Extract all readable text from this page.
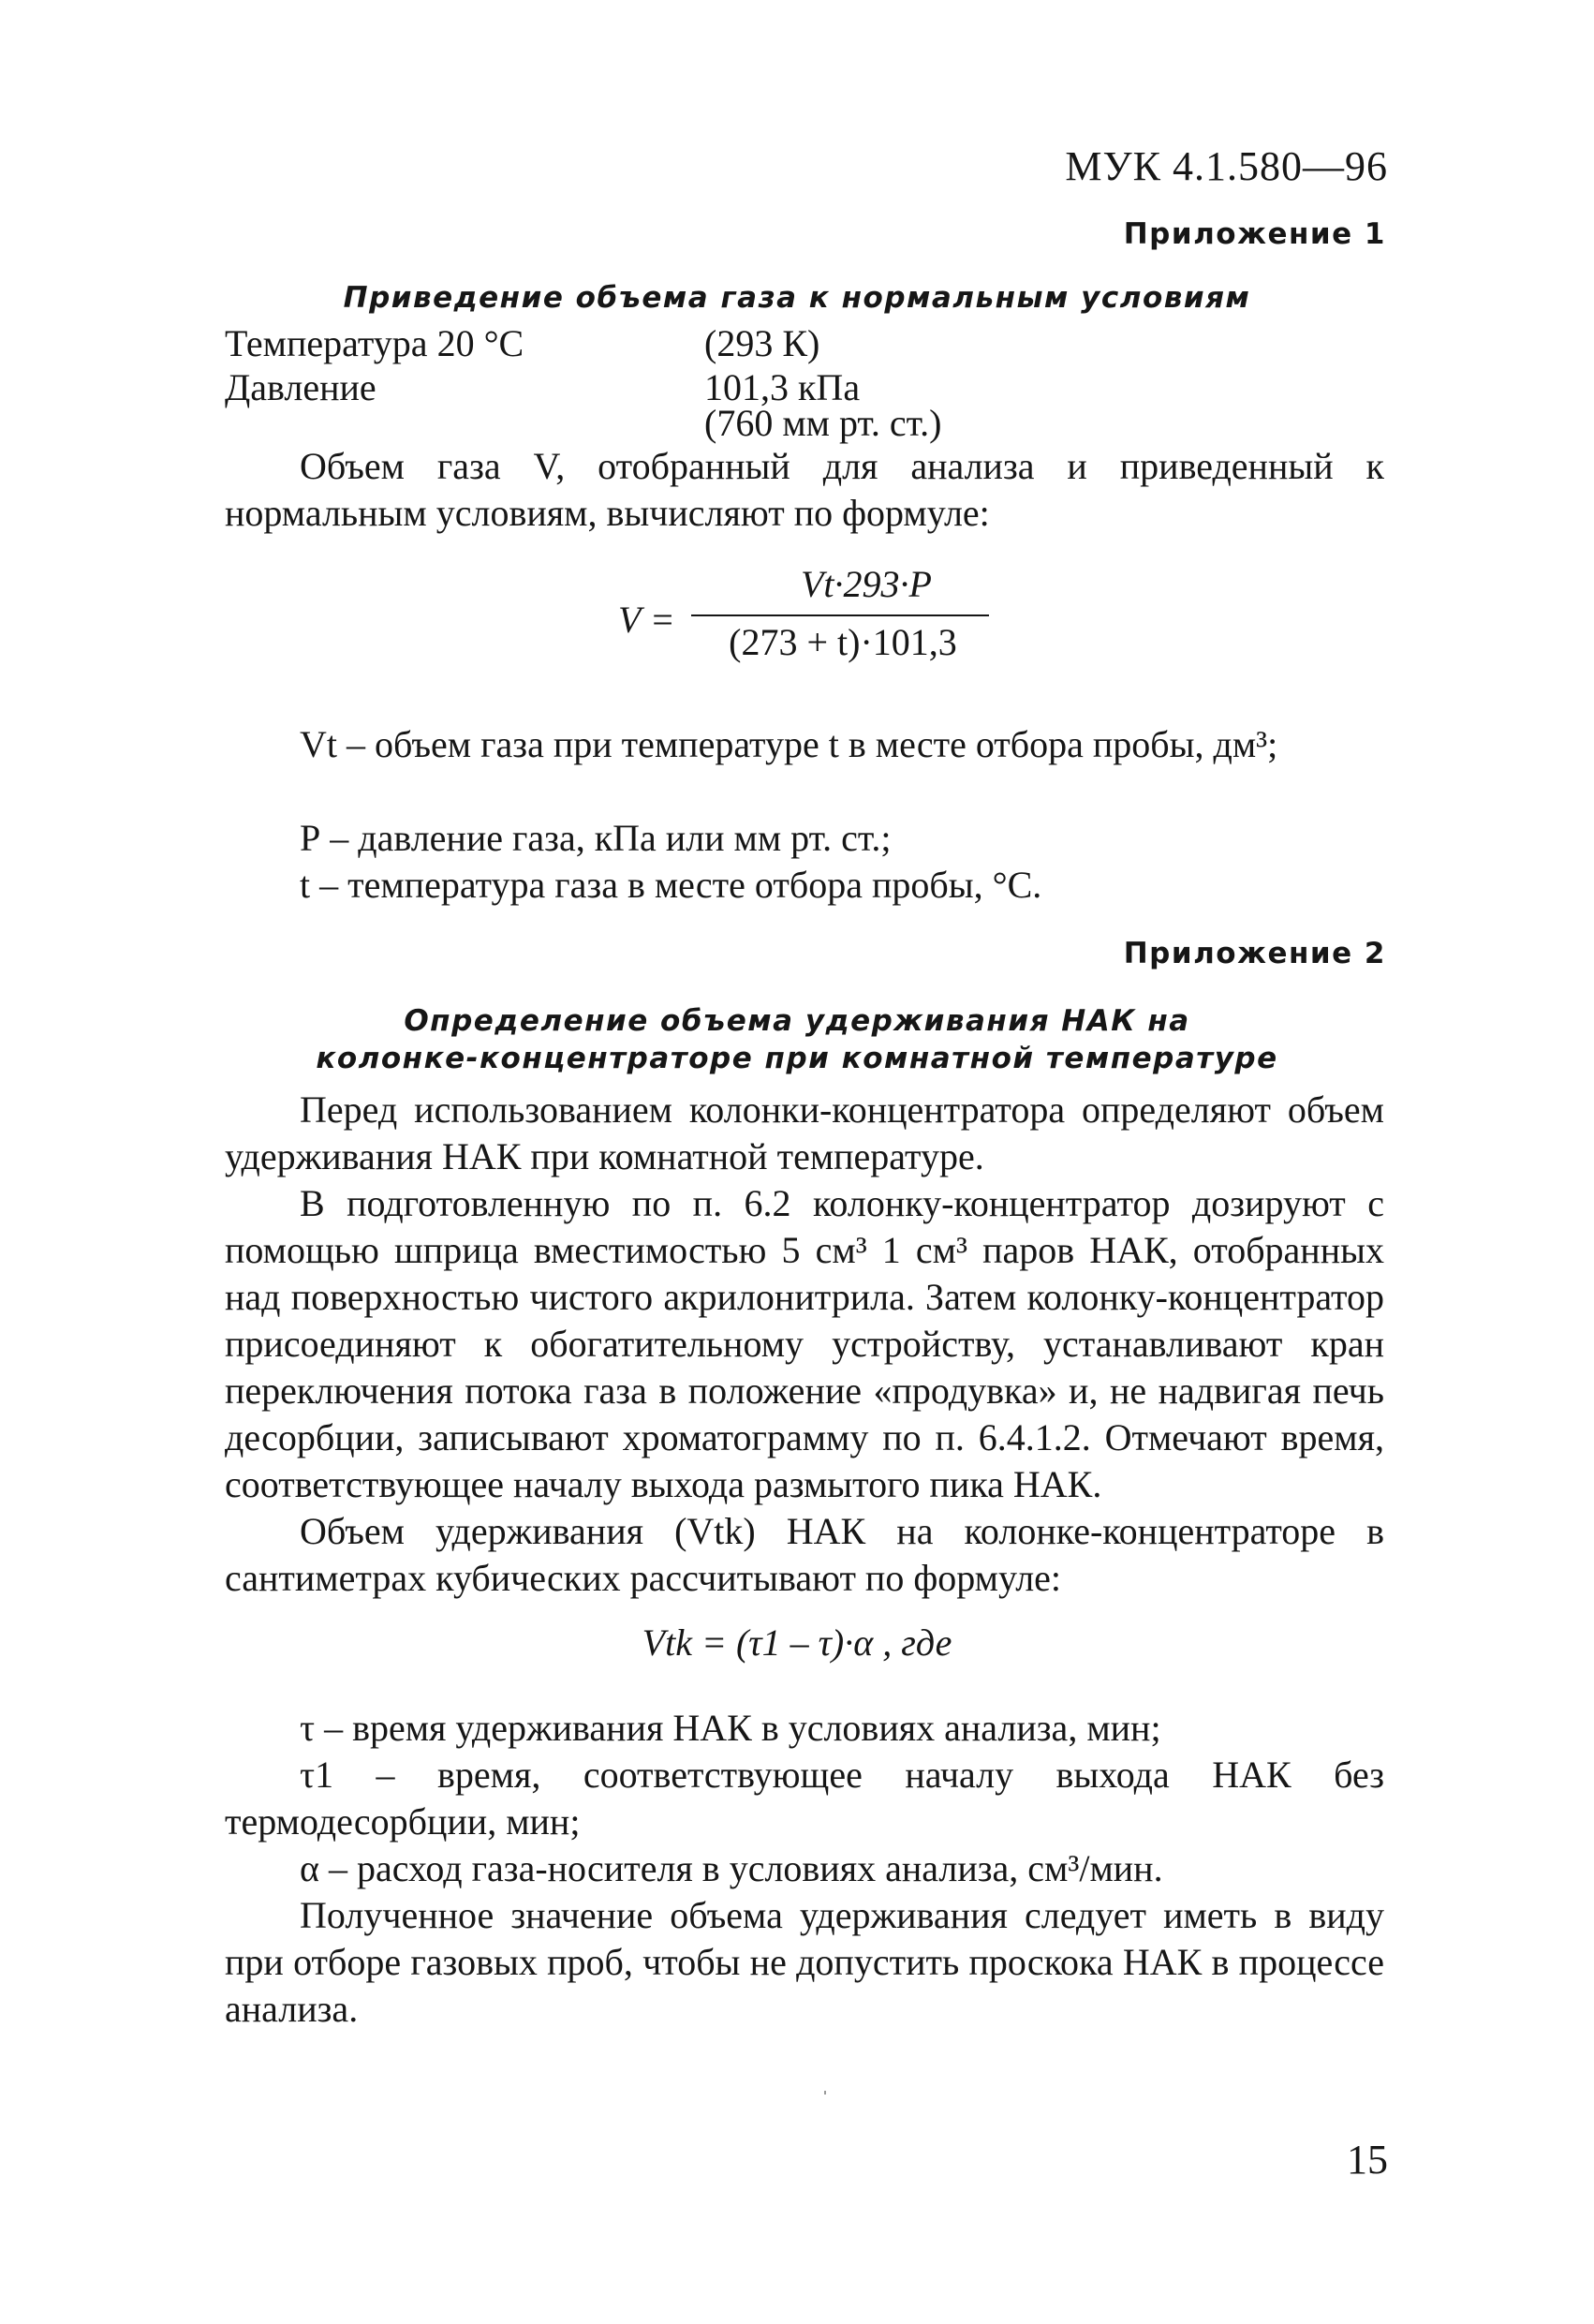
МУК 4.1.580—96
Приложение 1
Приведение объема газа к нормальным условиям
Температура 20 °С	(293 К)
Давление	101,3 кПа
(760 мм рт. ст.)
Объем газа V, отобранный для анализа и приведенный к нормальным условиям, вычисляют по формуле:
V =
Vt·293·P
(273 + t)·101,3
Vt – объем газа при температуре t в месте отбора пробы, дм³;
Р – давление газа, кПа или мм рт. ст.;
t – температура газа в месте отбора пробы, °С.
Приложение 2
Определение объема удерживания НАК на
колонке-концентраторе при комнатной температуре
Перед использованием колонки-концентратора определяют объем удерживания НАК при комнатной температуре.
В подготовленную по п. 6.2 колонку-концентратор дозируют с помощью шприца вместимостью 5 см³ 1 см³ паров НАК, отобранных над поверхностью чистого акрилонитрила. Затем колонку-концентратор присоединяют к обогатительному устройству, устанавливают кран переключения потока газа в положение «продувка» и, не надвигая печь десорбции, записывают хроматограмму по п. 6.4.1.2. Отмечают время, соответствующее началу выхода размытого пика НАК.
Объем удерживания (Vtk) НАК на колонке-концентраторе в сантиметрах кубических рассчитывают по формуле:
Vtk = (τ1 – τ)·α , где
τ – время удерживания НАК в условиях анализа, мин;
τ1 – время, соответствующее началу выхода НАК без термодесорбции, мин;
α – расход газа-носителя в условиях анализа, см³/мин.
Полученное значение объема удерживания следует иметь в виду при отборе газовых проб, чтобы не допустить проскока НАК в процессе анализа.
15
